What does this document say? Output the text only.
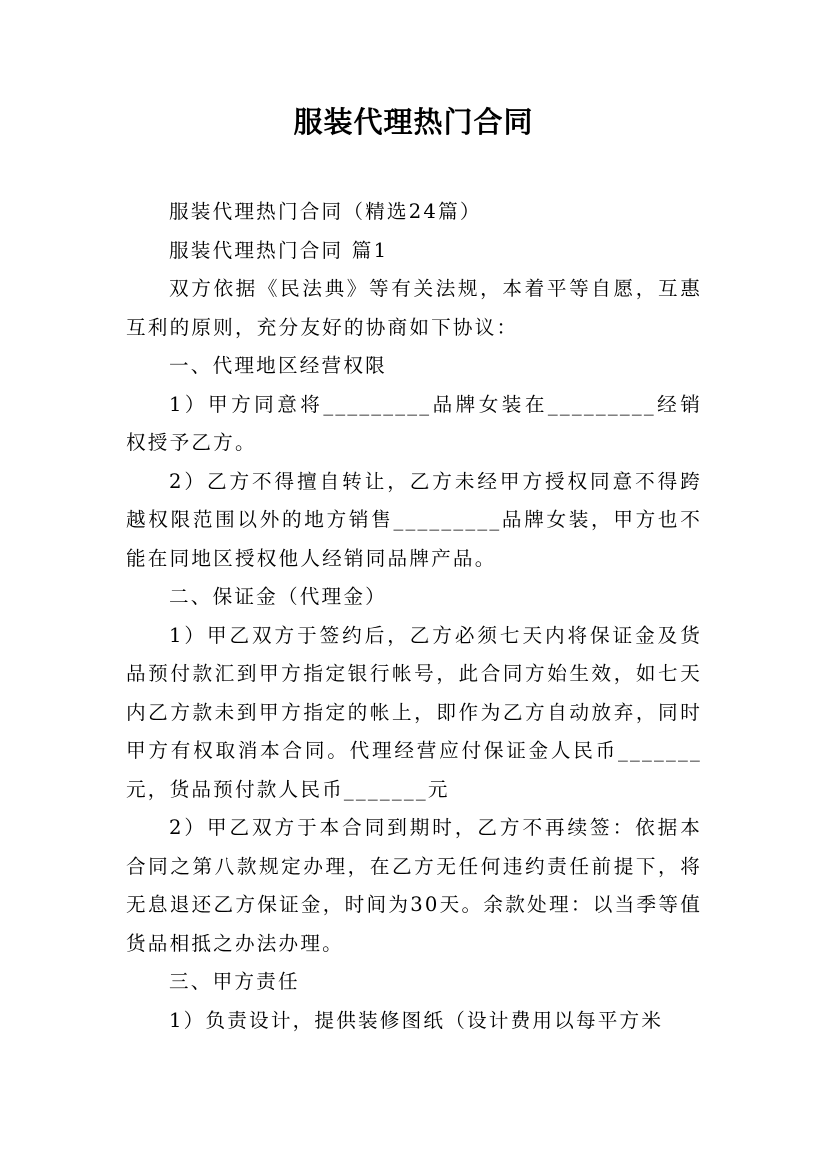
服装代理热门合同

服装代理热门合同（精选24篇）

服装代理热门合同 篇1

双方依据《民法典》等有关法规，本着平等自愿，互惠互利的原则，充分友好的协商如下协议：

一、代理地区经营权限

1）甲方同意将_________品牌女装在_________经销权授予乙方。

2）乙方不得擅自转让，乙方未经甲方授权同意不得跨越权限范围以外的地方销售_________品牌女装，甲方也不能在同地区授权他人经销同品牌产品。

二、保证金（代理金）

1）甲乙双方于签约后，乙方必须七天内将保证金及货品预付款汇到甲方指定银行帐号，此合同方始生效，如七天内乙方款未到甲方指定的帐上，即作为乙方自动放弃，同时甲方有权取消本合同。代理经营应付保证金人民币_______元，货品预付款人民币_______元

2）甲乙双方于本合同到期时，乙方不再续签：依据本合同之第八款规定办理，在乙方无任何违约责任前提下，将无息退还乙方保证金，时间为30天。余款处理：以当季等值货品相抵之办法办理。

三、甲方责任

1）负责设计，提供装修图纸（设计费用以每平方米
